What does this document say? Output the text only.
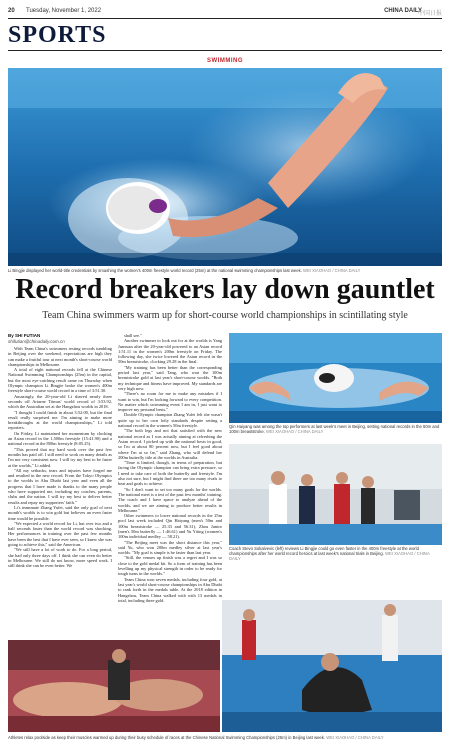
20 Tuesday, November 1, 2022	CHINA DAILY
中国日报
SPORTS
SWIMMING
Li Bingjie displayed her world-title credentials by smashing the women's 400m freestyle world record (25m) at the national swimming championships last week. WEI XIAOHAO / CHINA DAILY
Record breakers lay down gauntlet
Team China swimmers warm up for short-course world championships in scintillating style
By SHI FUTIAN
shifutian@chinadaily.com.cn

With Team China's swimmers resting records tumbling in Beijing over the weekend, expectations are high they can make a fruitful tour at next month's short-course world championships in Melbourne.

A total of eight national records fell at the Chinese National Swimming Championships (25m) in the capital, but the most eye-catching result came on Thursday when Olympic champion Li Bingjie broke the women's 400m freestyle short-course world record in a time of 3:51.30.

Amazingly, the 20-year-old Li shaved nearly three seconds off Ariarne Titmus' world record of 3:53.92, which the Australian set at the Hangzhou worlds in 2018.

"I thought I could finish in about 3:52:00, but the final result really surprised me. I'm aiming to make more breakthroughs at the world championships," Li told reporters.

On Friday, Li maintained her momentum by clocking an Asian record in the 1,500m freestyle (15:41.90) and a national record in the 800m freestyle (8:05.25).

"This proved that my hard work over the past few months has paid off. I still need to work on many details as I'm not very consistent now. I will try my best to be faster at the worlds," Li added.

"All my setbacks, tears and injuries have forged me and resulted in the new record. From the Tokyo Olympics to the worlds in Abu Dhabi last year and even all the progress that I have made is thanks to the many people who have supported me, including my coaches, parents, clubs and the nation. I will try my best to deliver better results and repay my supporters' faith."

Li's teammate Zhang Yufei, said the only goal of next month's worlds is to win gold but believes an even faster time would be possible.

"We expected a world record for Li, but over two and a half seconds faster than the world record was shocking. Her performances in training over the past few months have been the best that I have ever seen, so I knew she was going to achieve this," said the American.

"We still have a lot of work to do. For a long period, she had only three days off. I think she can even do better in Melbourne. We still do not know, more speed work. I still think she can be even better. We

shall see."

Another swimmer to look out for at the worlds is Yang Junxuan after the 20-year-old powered to an Asian record 1:51.11 in the women's 200m freestyle on Friday. The following day, she twice lowered the Asian record in the 50m breaststroke, clocking 29.28 in the final.

"My training has been better than the corresponding period last year," said Tang, who won the 100m breaststroke gold at last year's short-course worlds. "Both my technique and fitness have improved. My standards are very high now.

"There's no room for me to make any mistakes if I want to win, but I'm looking forward to every competition. No matter which swimming event I am in, I just want to improve my personal bests."

Double Olympic champion Zhang Yufei felt she wasn't quite up to her own lofty standards despite setting a national record in the women's 50m freestyle.

"The both legs and not that satisfied with the new national record as I was actually aiming at refreshing the Asian record. I picked up with the national bests in good, so I'm at about 80 percent now, but I feel good about where I'm at so far," said Zhang, who will defend her 200m butterfly title at the worlds in Australia.

"Time is limited, though, in terms of preparation, but facing the Olympic champion can bring extra pressure, so I need to take care of both the butterfly and freestyle. I'm also not sure, but I might find there are too many rivals to beat and goals to achieve.

"So I don't want to set too many goals for the worlds. The national meet is a test of the past few months' training. The coach and I have space to analyze ahead of the worlds, and we are aiming to produce better results in Melbourne."

Other swimmers to lower national records in the 25m pool last week included Qin Haiyang (men's 50m and 100m breaststroke — 25.33 and 56.31), Zhou Junior (men's 50m butterfly — 1:46.61) and Yu Yiting (women's 100m individual medley — 58.21).

"The Beijing meet was the short distance this year," said Yu, who won 200m medley silver at last year's worlds. "My goal is simple is be faster than last year.

"Still, the venues up finish was a regret and I was so close to the gold medal bit. So a form of training has been levelling up my physical strength in order to be ready for tough turns in the worlds."

Team China won seven medals, including four gold, at last year's world short-course championships in Abu Dhabi to rank forth in the medals table. At the 2018 edition in Hangzhou, Team China walked with with 13 medals in total, including three gold.

Qin Haiyang was among the top performers at last week's meet in Beijing, setting national records in the 50m and 100m breaststroke. WEI XIAOHAO / CHINA DAILY
Coach Stevo Sokalvevic (left) reviews Li Bingjie could go even faster in the 400m freestyle at the world championships after her world record heroics at last week's national trials in Beijing. WEI XIAOHAO / CHINA DAILY
Athletes relax poolside as keep their muscles warmed up during their busy schedule of races at the Chinese National Swimming Championships (25m) in Beijing last week. WEI XIAOHAO / CHINA DAILY
